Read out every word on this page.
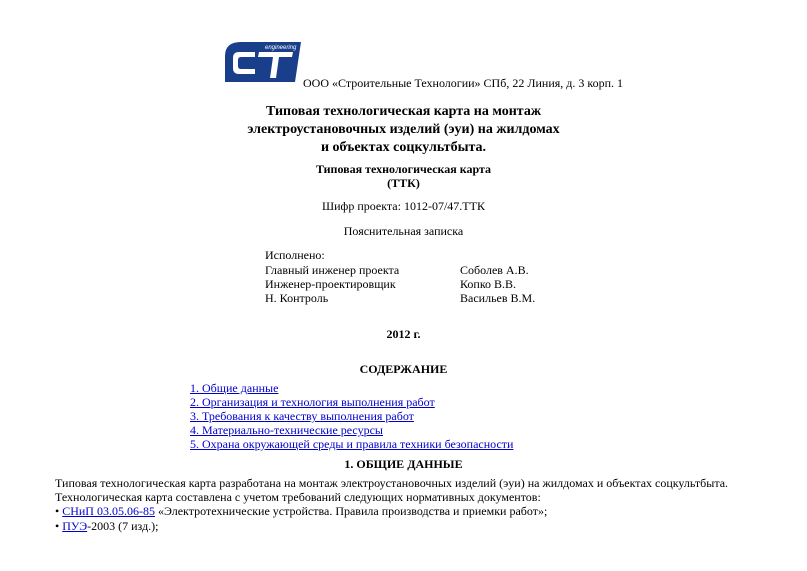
engineering
ООО «Строительные Технологии» СПб, 22 Линия, д. 3 корп. 1
Типовая технологическая карта на монтаж
электроустановочных изделий (эуи) на жилдомах
и объектах соцкультбыта.
Типовая технологическая карта
(ТТК)
Шифр проекта: 1012-07/47.ТТК
Пояснительная записка
Исполнено:
Главный инженер проекта	Соболев А.В.
Инженер-проектировщик	Копко В.В.
Н. Контроль	Васильев В.М.
2012 г.
СОДЕРЖАНИЕ
1. Общие данные
2. Организация и технология выполнения работ
3. Требования к качеству выполнения работ
4. Материально-технические ресурсы
5. Охрана окружающей среды и правила техники безопасности
1. ОБЩИЕ ДАННЫЕ
Типовая технологическая карта разработана на монтаж электроустановочных изделий (эуи) на жилдомах и объектах соцкультбыта.
Технологическая карта составлена с учетом требований следующих нормативных документов:
• СНиП 03.05.06-85 «Электротехнические устройства. Правила производства и приемки работ»;
• ПУЭ-2003 (7 изд.);
